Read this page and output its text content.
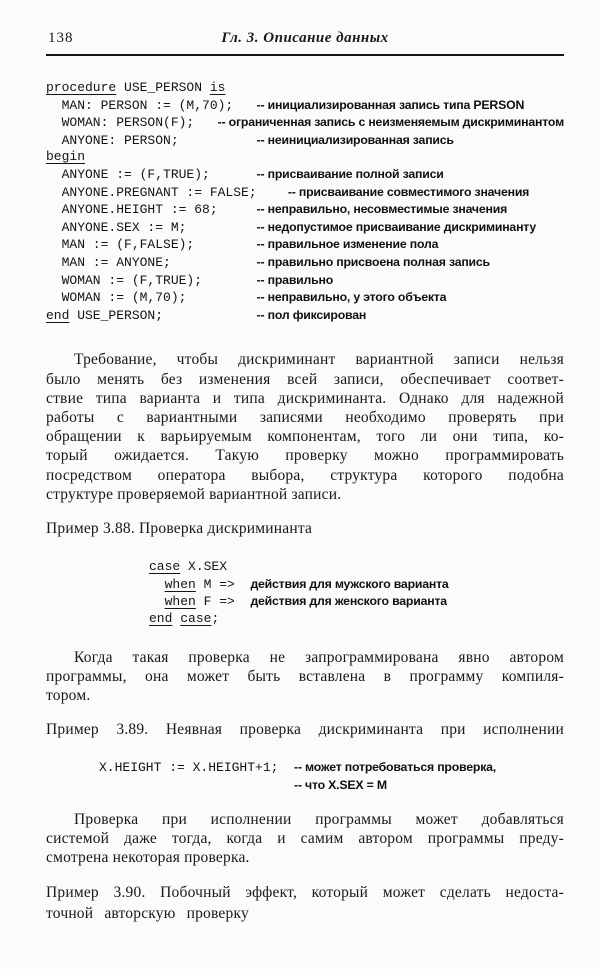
138	Гл. 3. Описание данных
procedure USE_PERSON is
MAN: PERSON := (M,70);   -- инициализированная запись типа PERSON
WOMAN: PERSON(F);   -- ограниченная запись с неизменяемым дискриминантом
ANYONE: PERSON;          -- неинициализированная запись
begin
ANYONE := (F,TRUE);      -- присваивание полной записи
ANYONE.PREGNANT := FALSE;    -- присваивание совместимого значения
ANYONE.HEIGHT := 68;     -- неправильно, несовместимые значения
ANYONE.SEX := M;         -- недопустимое присваивание дискриминанту
MAN := (F,FALSE);        -- правильное изменение пола
MAN := ANYONE;           -- правильно присвоена полная запись
WOMAN := (F,TRUE);       -- правильно
WOMAN := (M,70);         -- неправильно, у этого объекта
end USE_PERSON;            -- пол фиксирован
Требование, чтобы дискриминант вариантной записи нельзя
было менять без изменения всей записи, обеспечивает соответ-
ствие типа варианта и типа дискриминанта. Однако для надежной
работы с вариантными записями необходимо проверять при
обращении к варьируемым компонентам, того ли они типа, ко-
торый ожидается. Такую проверку можно программировать
посредством оператора выбора, структура которого подобна
структуре проверяемой вариантной записи.
Пример 3.88. Проверка дискриминанта
case X.SEX
when M =>  действия для мужского варианта
when F =>  действия для женского варианта
end case;
Когда такая проверка не запрограммирована явно автором
программы, она может быть вставлена в программу компиля-
тором.
Пример 3.89. Неявная проверка дискриминанта при исполнении
X.HEIGHT := X.HEIGHT+1;  -- может потребоваться проверка,
-- что X.SEX = M
Проверка при исполнении программы может добавляться
системой даже тогда, когда и самим автором программы преду-
смотрена некоторая проверка.
Пример 3.90. Побочный эффект, который может сделать недоста-
точной авторскую проверку
